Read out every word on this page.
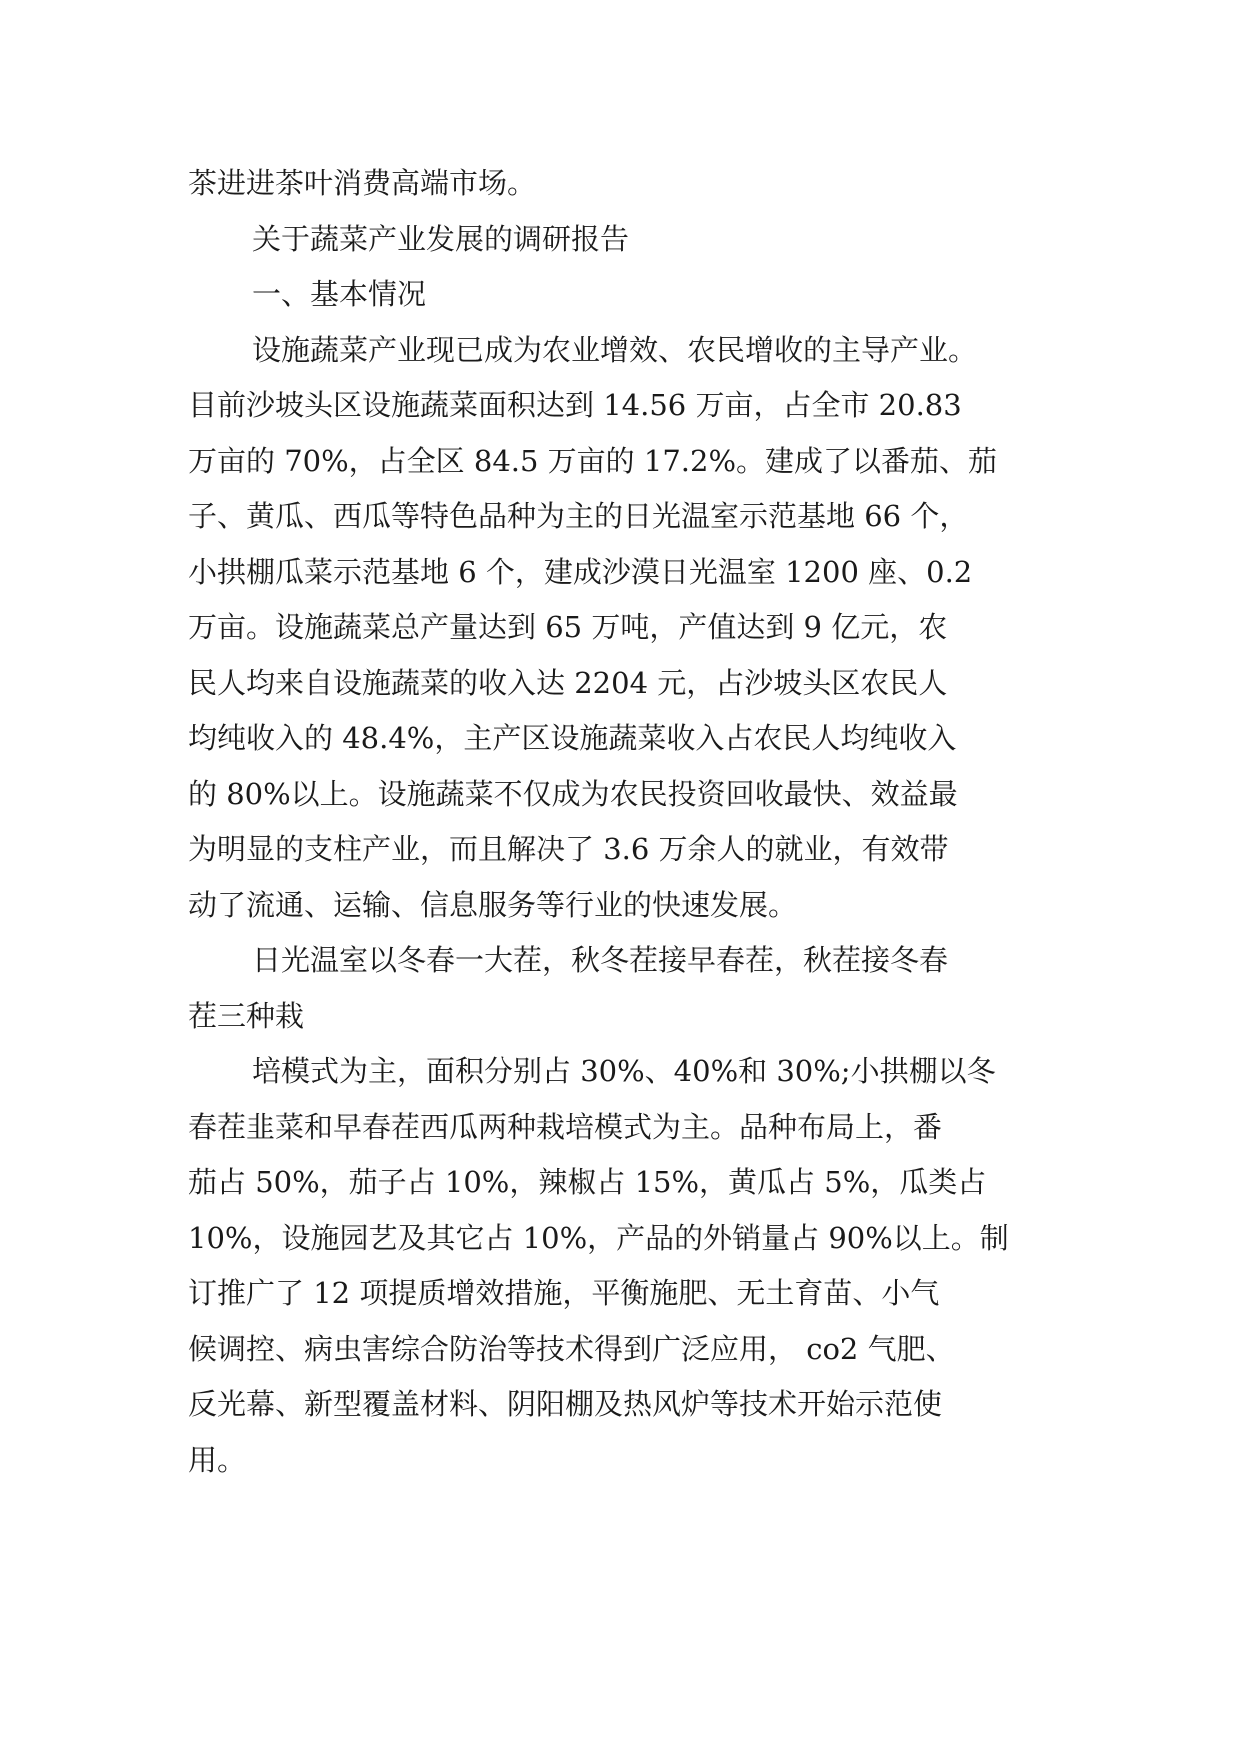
茶进进茶叶消费高端市场。
关于蔬菜产业发展的调研报告
一、基本情况
设施蔬菜产业现已成为农业增效、农民增收的主导产业。
目前沙坡头区设施蔬菜面积达到 14.56 万亩，占全市 20.83
万亩的 70%，占全区 84.5 万亩的 17.2%。建成了以番茄、茄
子、黄瓜、西瓜等特色品种为主的日光温室示范基地 66 个，
小拱棚瓜菜示范基地 6 个，建成沙漠日光温室 1200 座、0.2
万亩。设施蔬菜总产量达到 65 万吨，产值达到 9 亿元，农
民人均来自设施蔬菜的收入达 2204 元，占沙坡头区农民人
均纯收入的 48.4%，主产区设施蔬菜收入占农民人均纯收入
的 80%以上。设施蔬菜不仅成为农民投资回收最快、效益最
为明显的支柱产业，而且解决了 3.6 万余人的就业，有效带
动了流通、运输、信息服务等行业的快速发展。
日光温室以冬春一大茬，秋冬茬接早春茬，秋茬接冬春
茬三种栽
培模式为主，面积分别占 30%、40%和 30%;小拱棚以冬
春茬韭菜和早春茬西瓜两种栽培模式为主。品种布局上，番
茄占 50%，茄子占 10%，辣椒占 15%，黄瓜占 5%，瓜类占
10%，设施园艺及其它占 10%，产品的外销量占 90%以上。制
订推广了 12 项提质增效措施，平衡施肥、无土育苗、小气
候调控、病虫害综合防治等技术得到广泛应用， co2 气肥、
反光幕、新型覆盖材料、阴阳棚及热风炉等技术开始示范使
用。
